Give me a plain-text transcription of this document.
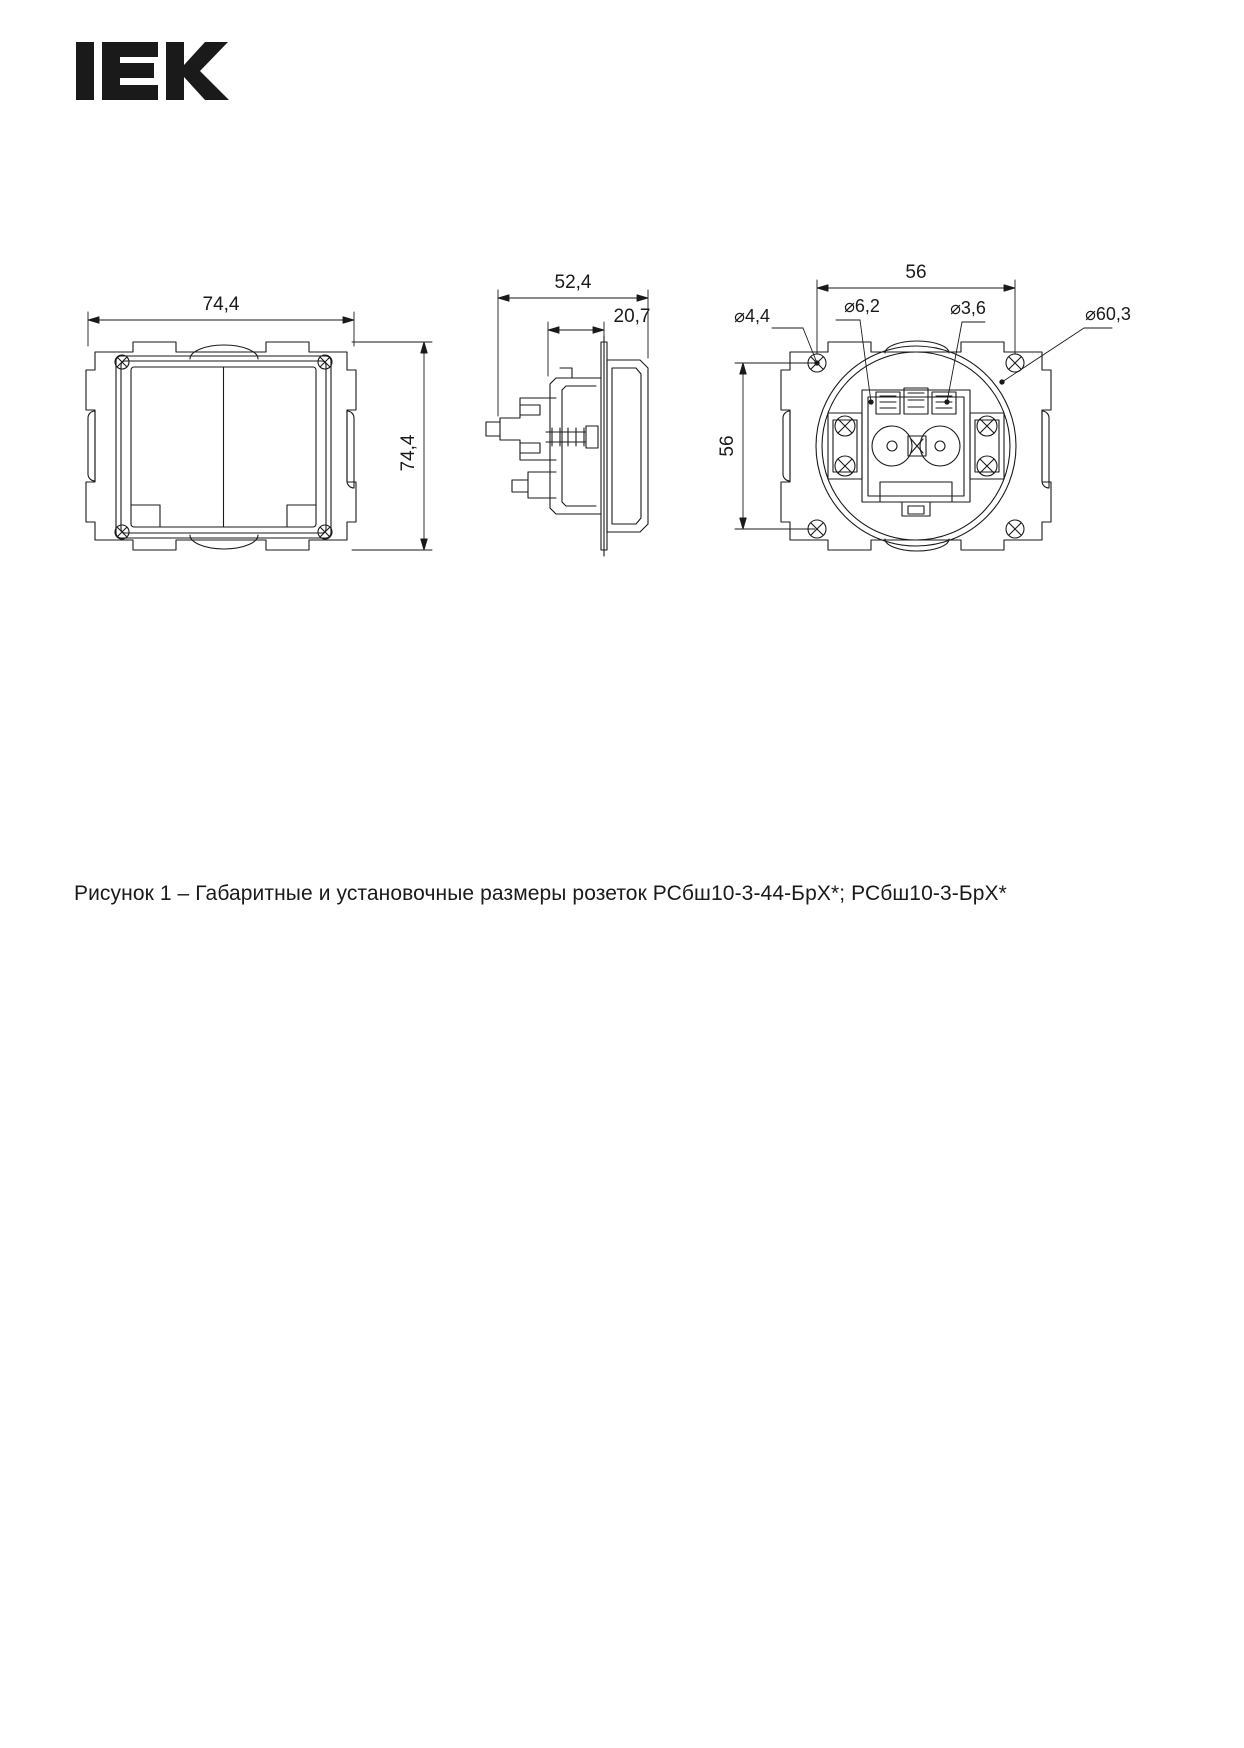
74,4
74,4
52,4
20,7
56
56
⌀4,4	⌀6,2	⌀3,6	⌀60,3
Рисунок 1 – Габаритные и установочные размеры розеток РСбш10-3-44-БрХ*; РСбш10-3-БрХ*
